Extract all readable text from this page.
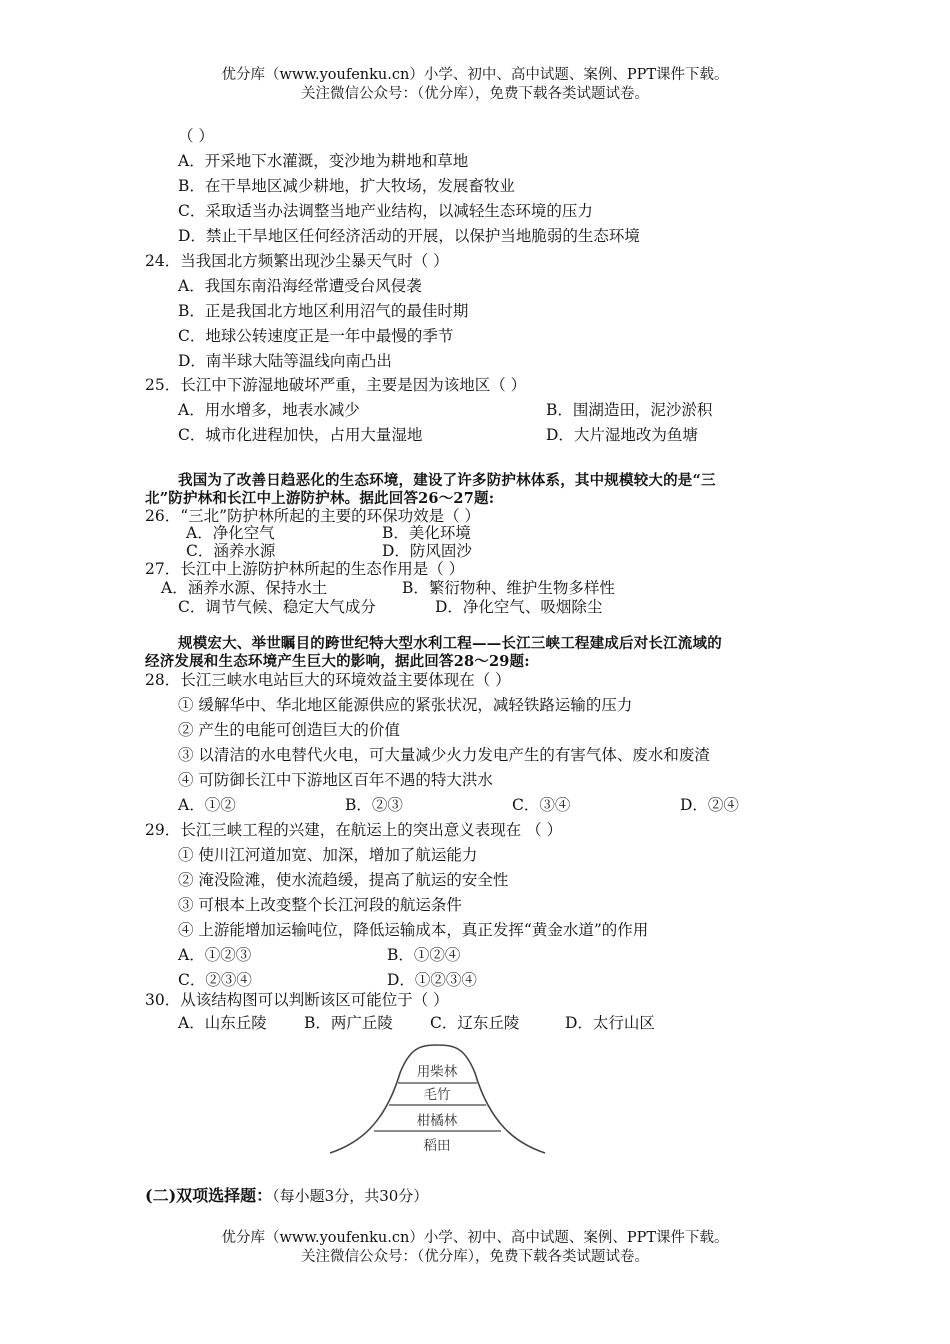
优分库（www.youfenku.cn）小学、初中、高中试题、案例、PPT课件下载。
关注微信公众号：（优分库），免费下载各类试题试卷。
（ ）
A．开采地下水灌溉，变沙地为耕地和草地
B．在干旱地区减少耕地，扩大牧场，发展畜牧业
C．采取适当办法调整当地产业结构，以减轻生态环境的压力
D．禁止干旱地区任何经济活动的开展，以保护当地脆弱的生态环境
24．当我国北方频繁出现沙尘暴天气时（ ）
A．我国东南沿海经常遭受台风侵袭
B．正是我国北方地区利用沼气的最佳时期
C．地球公转速度正是一年中最慢的季节
D．南半球大陆等温线向南凸出
25．长江中下游湿地破坏严重，主要是因为该地区（ ）
A．用水增多，地表水减少	B．围湖造田，泥沙淤积
C．城市化进程加快，占用大量湿地	D．大片湿地改为鱼塘
我国为了改善日趋恶化的生态环境，建设了许多防护林体系，其中规模较大的是“三
北”防护林和长江中上游防护林。据此回答26～27题:
26．“三北”防护林所起的主要的环保功效是（ ）
A．净化空气	B．美化环境
C．涵养水源	D．防风固沙
27．长江中上游防护林所起的生态作用是（ ）
A．涵养水源、保持水土	B．繁衍物种、维护生物多样性
C．调节气候、稳定大气成分	D．净化空气、吸烟除尘
规模宏大、举世瞩目的跨世纪特大型水利工程——长江三峡工程建成后对长江流域的
经济发展和生态环境产生巨大的影响，据此回答28～29题:
28．长江三峡水电站巨大的环境效益主要体现在（ ）
① 缓解华中、华北地区能源供应的紧张状况，减轻铁路运输的压力
② 产生的电能可创造巨大的价值
③ 以清洁的水电替代火电，可大量减少火力发电产生的有害气体、废水和废渣
④ 可防御长江中下游地区百年不遇的特大洪水
A．①②	B．②③	C．③④	D．②④
29．长江三峡工程的兴建，在航运上的突出意义表现在 （ ）
① 使川江河道加宽、加深，增加了航运能力
② 淹没险滩，使水流趋缓，提高了航运的安全性
③ 可根本上改变整个长江河段的航运条件
④ 上游能增加运输吨位，降低运输成本，真正发挥“黄金水道”的作用
A．①②③	B．①②④
C．②③④	D．①②③④
30．从该结构图可以判断该区可能位于（ ）
A．山东丘陵 B．两广丘陵 C．辽东丘陵	D．太行山区
用柴林
毛竹
柑橘林
稻田
(二)双项选择题：（每小题3分，共30分）
优分库（www.youfenku.cn）小学、初中、高中试题、案例、PPT课件下载。
关注微信公众号：（优分库），免费下载各类试题试卷。
